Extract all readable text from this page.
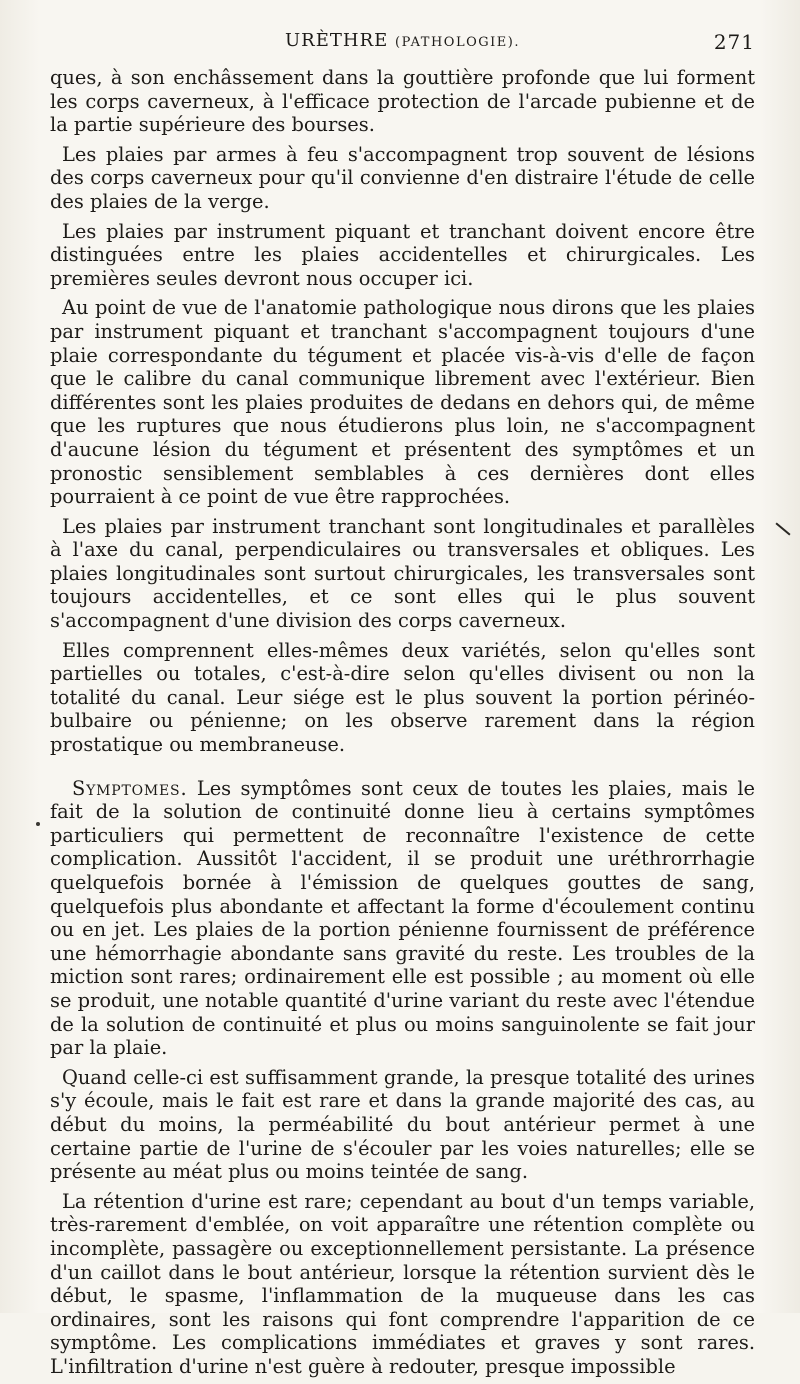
URÈTHRE (PATHOLOGIE).	271

ques, à son enchâssement dans la gouttière profonde que lui forment les corps caverneux, à l'efficace protection de l'arcade pubienne et de la partie supérieure des bourses.

Les plaies par armes à feu s'accompagnent trop souvent de lésions des corps caverneux pour qu'il convienne d'en distraire l'étude de celle des plaies de la verge.

Les plaies par instrument piquant et tranchant doivent encore être distinguées entre les plaies accidentelles et chirurgicales. Les premières seules devront nous occuper ici.

Au point de vue de l'anatomie pathologique nous dirons que les plaies par instrument piquant et tranchant s'accompagnent toujours d'une plaie correspondante du tégument et placée vis-à-vis d'elle de façon que le calibre du canal communique librement avec l'extérieur. Bien différentes sont les plaies produites de dedans en dehors qui, de même que les ruptures que nous étudierons plus loin, ne s'accompagnent d'aucune lésion du tégument et présentent des symptômes et un pronostic sensiblement semblables à ces dernières dont elles pourraient à ce point de vue être rapprochées.

Les plaies par instrument tranchant sont longitudinales et parallèles à l'axe du canal, perpendiculaires ou transversales et obliques. Les plaies longitudinales sont surtout chirurgicales, les transversales sont toujours accidentelles, et ce sont elles qui le plus souvent s'accompagnent d'une division des corps caverneux.

Elles comprennent elles-mêmes deux variétés, selon qu'elles sont partielles ou totales, c'est-à-dire selon qu'elles divisent ou non la totalité du canal. Leur siége est le plus souvent la portion périnéo-bulbaire ou pénienne; on les observe rarement dans la région prostatique ou membraneuse.

Symptomes. Les symptômes sont ceux de toutes les plaies, mais le fait de la solution de continuité donne lieu à certains symptômes particuliers qui permettent de reconnaître l'existence de cette complication. Aussitôt l'accident, il se produit une uréthrorrhagie quelquefois bornée à l'émission de quelques gouttes de sang, quelquefois plus abondante et affectant la forme d'écoulement continu ou en jet. Les plaies de la portion pénienne fournissent de préférence une hémorrhagie abondante sans gravité du reste. Les troubles de la miction sont rares; ordinairement elle est possible ; au moment où elle se produit, une notable quantité d'urine variant du reste avec l'étendue de la solution de continuité et plus ou moins sanguinolente se fait jour par la plaie.

Quand celle-ci est suffisamment grande, la presque totalité des urines s'y écoule, mais le fait est rare et dans la grande majorité des cas, au début du moins, la perméabilité du bout antérieur permet à une certaine partie de l'urine de s'écouler par les voies naturelles; elle se présente au méat plus ou moins teintée de sang.

La rétention d'urine est rare; cependant au bout d'un temps variable, très-rarement d'emblée, on voit apparaître une rétention complète ou incomplète, passagère ou exceptionnellement persistante. La présence d'un caillot dans le bout antérieur, lorsque la rétention survient dès le début, le spasme, l'inflammation de la muqueuse dans les cas ordinaires, sont les raisons qui font comprendre l'apparition de ce symptôme. Les complications immédiates et graves y sont rares. L'infiltration d'urine n'est guère à redouter, presque impossible
